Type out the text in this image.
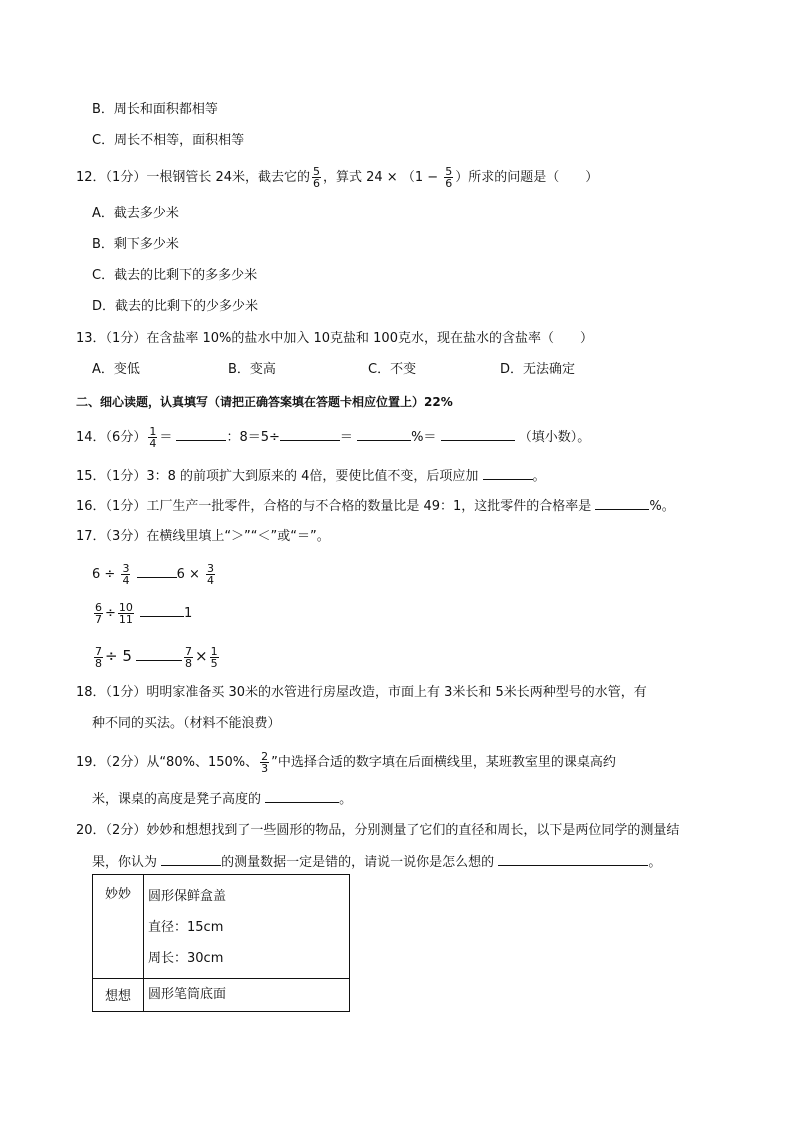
B．周长和面积都相等
C．周长不相等，面积相等
12．（1分）一根钢管长 24米，截去它的 $\frac{5}{6}$ ，算式 $24 \times (1 - \frac{5}{6}$ ）所求的问题是（　　）
A．截去多少米
B．剩下多少米
C．截去的比剩下的多多少米
D．截去的比剩下的少多少米
13．（1分）在含盐率 10%的盐水中加入 10克盐和 100克水，现在盐水的含盐率（　　）
A．变低	B．变高	C．不变	D．无法确定
二、细心读题，认真填写（请把正确答案填在答题卡相应位置上）22%
14．（6分） $\frac{1}{4}$ ＝	：8＝5÷	＝	%＝	（填小数）。
15．（1分）3：8 的前项扩大到原来的 4倍，要使比值不变，后项应加	。
16．（1分）工厂生产一批零件，合格的与不合格的数量比是 49：1，这批零件的合格率是	%。
17．（3分）在横线里填上“＞”“＜”或“＝”。
$6 \div \frac{3}{4}$	$6 \times \frac{3}{4}$
$\frac{6}{7} \div \frac{10}{11}$	1
$\frac{7}{8} \div 5$	$\frac{7}{8} \times \frac{1}{5}$
18．（1分）明明家准备买 30米的水管进行房屋改造，市面上有 3米长和 5米长两种型号的水管，有
种不同的买法。（材料不能浪费）
19．（2分）从“80%、150%、 $\frac{2}{3}$ ”中选择合适的数字填在后面横线里，某班教室里的课桌高约
米，课桌的高度是凳子高度的	。
20．（2分）妙妙和想想找到了一些圆形的物品，分别测量了它们的直径和周长，以下是两位同学的测量结
果，你认为	的测量数据一定是错的，请说一说你是怎么想的	。
妙妙	圆形保鲜盒盖
直径：15cm
周长：30cm

想想	圆形笔筒底面
